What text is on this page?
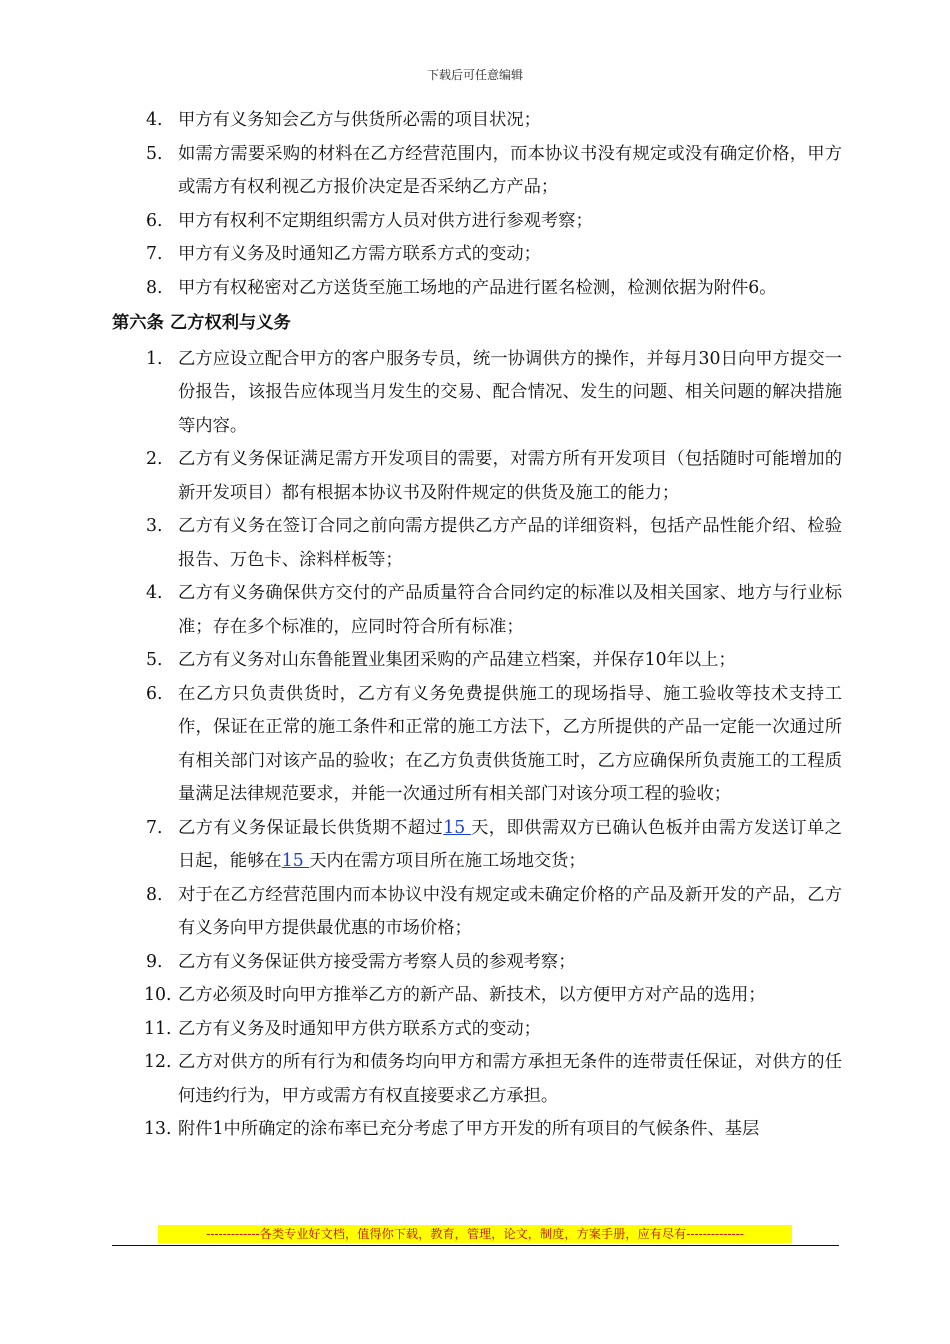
下载后可任意编辑
4. 甲方有义务知会乙方与供货所必需的项目状况；
5. 如需方需要采购的材料在乙方经营范围内，而本协议书没有规定或没有确定价格，甲方或需方有权利视乙方报价决定是否采纳乙方产品；
6. 甲方有权利不定期组织需方人员对供方进行参观考察；
7. 甲方有义务及时通知乙方需方联系方式的变动；
8. 甲方有权秘密对乙方送货至施工场地的产品进行匿名检测，检测依据为附件6。
第六条 乙方权利与义务
1. 乙方应设立配合甲方的客户服务专员，统一协调供方的操作，并每月30日向甲方提交一份报告，该报告应体现当月发生的交易、配合情况、发生的问题、相关问题的解决措施等内容。
2. 乙方有义务保证满足需方开发项目的需要，对需方所有开发项目（包括随时可能增加的新开发项目）都有根据本协议书及附件规定的供货及施工的能力；
3. 乙方有义务在签订合同之前向需方提供乙方产品的详细资料，包括产品性能介绍、检验报告、万色卡、涂料样板等；
4. 乙方有义务确保供方交付的产品质量符合合同约定的标准以及相关国家、地方与行业标准；存在多个标准的，应同时符合所有标准；
5. 乙方有义务对山东鲁能置业集团采购的产品建立档案，并保存10年以上；
6. 在乙方只负责供货时，乙方有义务免费提供施工的现场指导、施工验收等技术支持工作，保证在正常的施工条件和正常的施工方法下，乙方所提供的产品一定能一次通过所有相关部门对该产品的验收；在乙方负责供货施工时，乙方应确保所负责施工的工程质量满足法律规范要求，并能一次通过所有相关部门对该分项工程的验收；
7. 乙方有义务保证最长供货期不超过15 天，即供需双方已确认色板并由需方发送订单之日起，能够在15 天内在需方项目所在施工场地交货；
8. 对于在乙方经营范围内而本协议中没有规定或未确定价格的产品及新开发的产品，乙方有义务向甲方提供最优惠的市场价格；
9. 乙方有义务保证供方接受需方考察人员的参观考察；
10. 乙方必须及时向甲方推举乙方的新产品、新技术，以方便甲方对产品的选用；
11. 乙方有义务及时通知甲方供方联系方式的变动；
12. 乙方对供方的所有行为和债务均向甲方和需方承担无条件的连带责任保证，对供方的任何违约行为，甲方或需方有权直接要求乙方承担。
13. 附件1中所确定的涂布率已充分考虑了甲方开发的所有项目的气候条件、基层
-------------各类专业好文档，值得你下载，教育，管理，论文，制度，方案手册，应有尽有--------------
